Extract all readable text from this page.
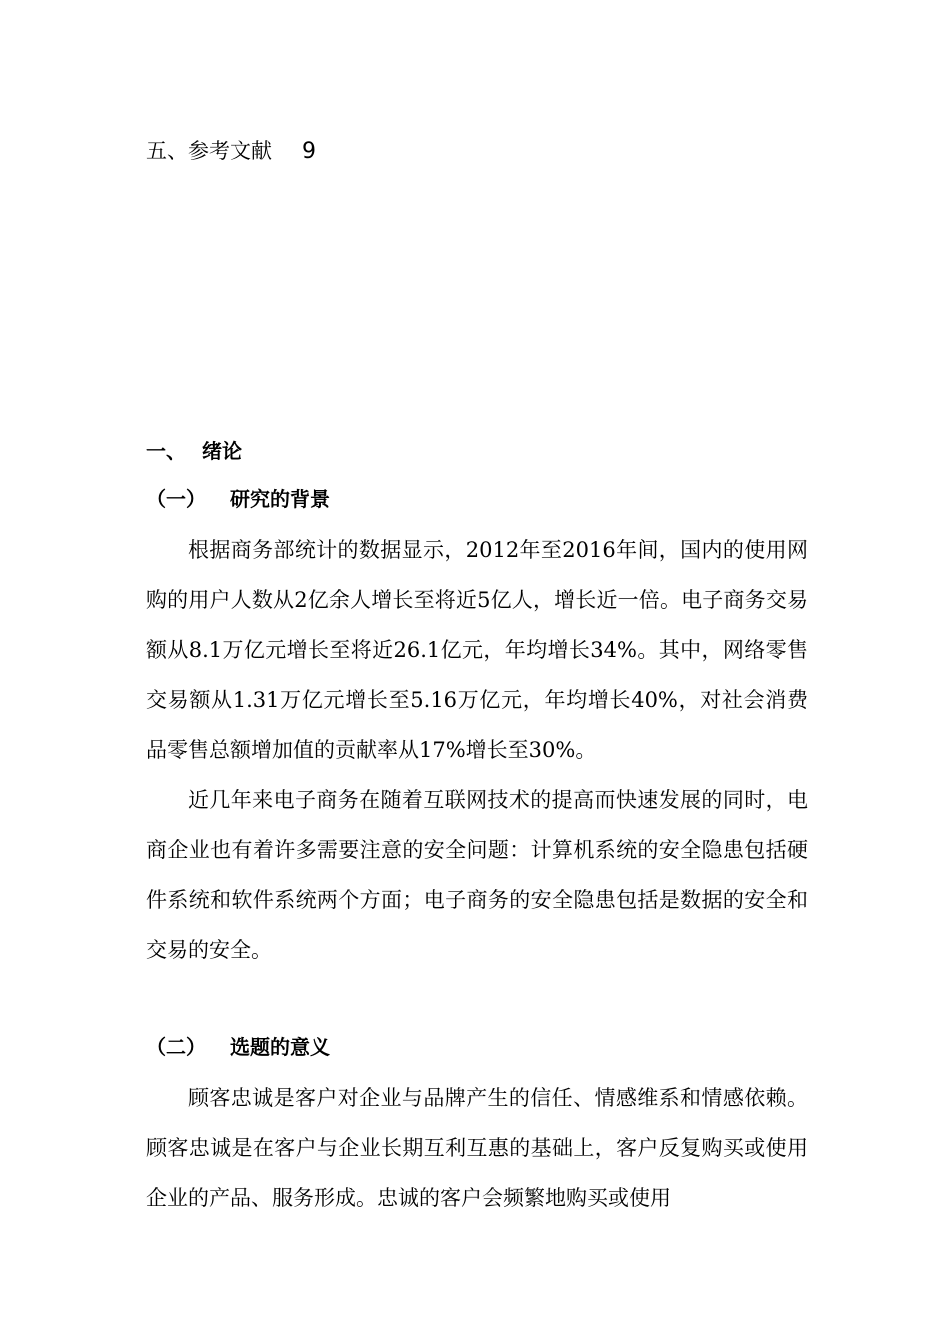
五、参考文献 9
一、 绪论
（一） 研究的背景

根据商务部统计的数据显示，2012年至2016年间，国内的使用网购的用户人数从2亿余人增长至将近5亿人，增长近一倍。电子商务交易额从8.1万亿元增长至将近26.1亿元，年均增长34%。其中，网络零售交易额从1.31万亿元增长至5.16万亿元，年均增长40%，对社会消费品零售总额增加值的贡献率从17%增长至30%。

近几年来电子商务在随着互联网技术的提高而快速发展的同时，电商企业也有着许多需要注意的安全问题：计算机系统的安全隐患包括硬件系统和软件系统两个方面；电子商务的安全隐患包括是数据的安全和交易的安全。

（二） 选题的意义

顾客忠诚是客户对企业与品牌产生的信任、情感维系和情感依赖。顾客忠诚是在客户与企业长期互利互惠的基础上，客户反复购买或使用企业的产品、服务形成。忠诚的客户会频繁地购买或使用
